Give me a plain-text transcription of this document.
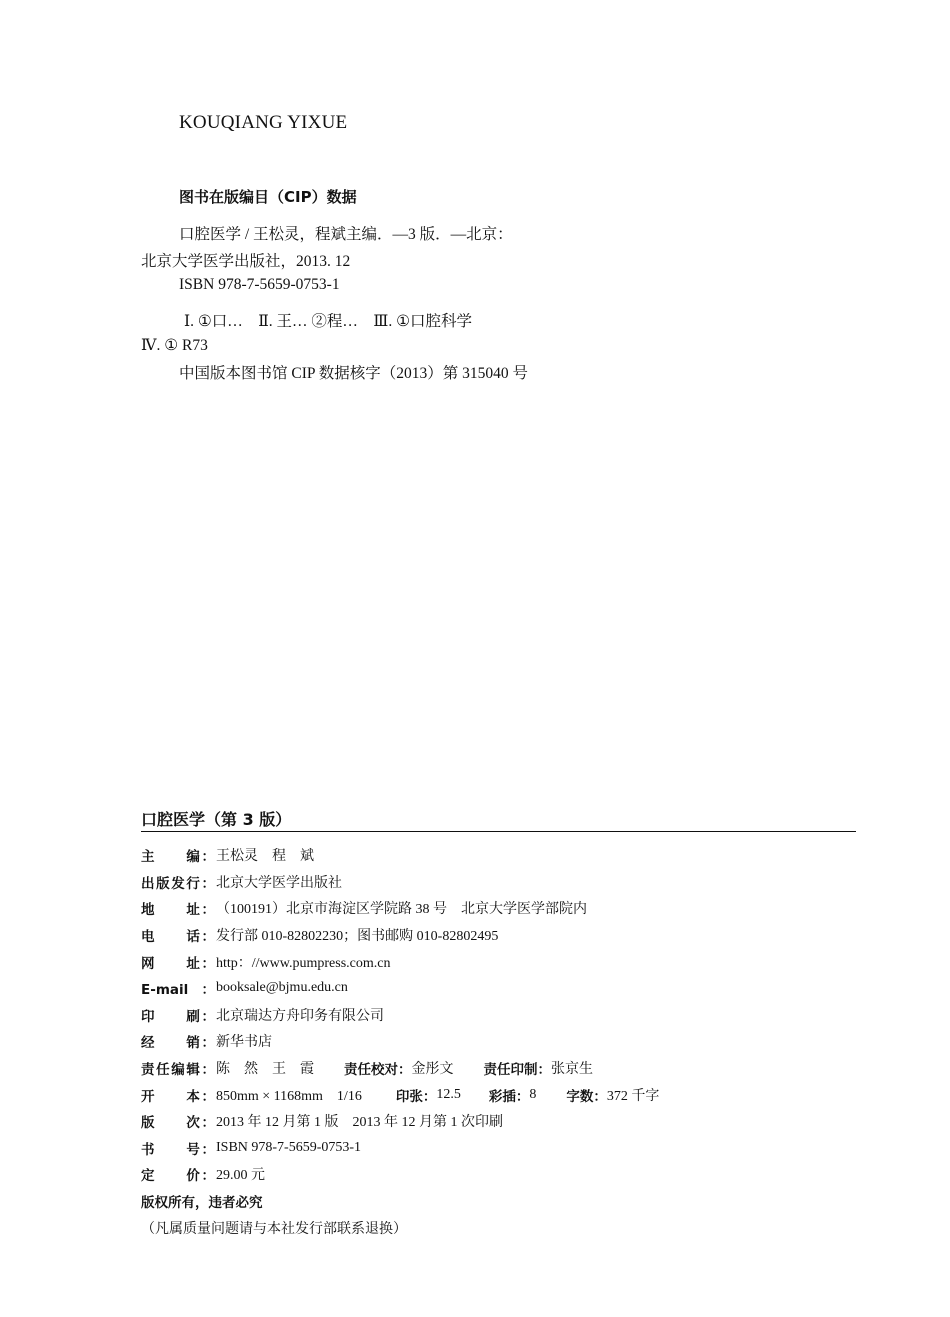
KOUQIANG YIXUE
图书在版编目（CIP）数据
口腔医学 / 王松灵，程斌主编．—3 版．—北京：
北京大学医学出版社，2013. 12
ISBN 978-7-5659-0753-1
Ⅰ. ①口…　Ⅱ. 王… ②程…　Ⅲ. ①口腔科学
Ⅳ. ① R73
中国版本图书馆 CIP 数据核字（2013）第 315040 号
口腔医学（第 3 版）
主　　编： 王松灵　程　斌
出版发行： 北京大学医学出版社
地　　址： （100191）北京市海淀区学院路 38 号　北京大学医学部院内
电　　话： 发行部 010-82802230；图书邮购 010-82802495
网　　址： http：//www.pumpress.com.cn
E-mail： booksale@bjmu.edu.cn
印　　刷： 北京瑞达方舟印务有限公司
经　　销： 新华书店
责任编辑： 陈　然　王　霞 责任校对： 金彤文 责任印制： 张京生
开　　本： 850mm × 1168mm　1/16	印张： 12.5 彩插： 8 字数： 372 千字
版　　次： 2013 年 12 月第 1 版　2013 年 12 月第 1 次印刷
书　　号： ISBN 978-7-5659-0753-1
定　　价： 29.00 元
版权所有，违者必究
（凡属质量问题请与本社发行部联系退换）
